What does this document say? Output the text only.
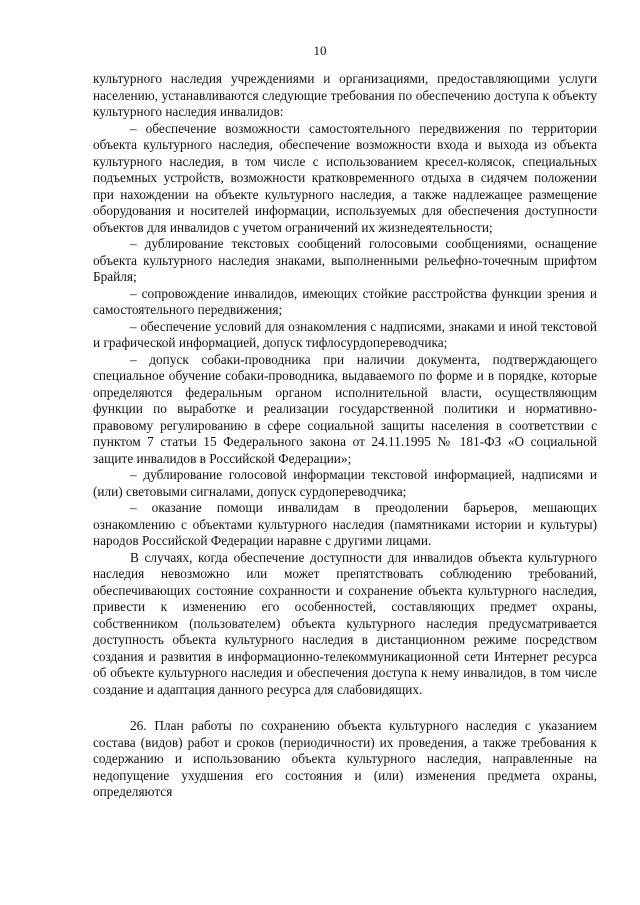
10

культурного наследия учреждениями и организациями, предоставляющими услуги населению, устанавливаются следующие требования по обеспечению доступа к объекту культурного наследия инвалидов:

– обеспечение возможности самостоятельного передвижения по территории объекта культурного наследия, обеспечение возможности входа и выхода из объекта культурного наследия, в том числе с использованием кресел-колясок, специальных подъемных устройств, возможности кратковременного отдыха в сидячем положении при нахождении на объекте культурного наследия, а также надлежащее размещение оборудования и носителей информации, используемых для обеспечения доступности объектов для инвалидов с учетом ограничений их жизнедеятельности;

– дублирование текстовых сообщений голосовыми сообщениями, оснащение объекта культурного наследия знаками, выполненными рельефно-точечным шрифтом Брайля;

– сопровождение инвалидов, имеющих стойкие расстройства функции зрения и самостоятельного передвижения;

– обеспечение условий для ознакомления с надписями, знаками и иной текстовой и графической информацией, допуск тифлосурдопереводчика;

– допуск собаки-проводника при наличии документа, подтверждающего специальное обучение собаки-проводника, выдаваемого по форме и в порядке, которые определяются федеральным органом исполнительной власти, осуществляющим функции по выработке и реализации государственной политики и нормативно-правовому регулированию в сфере социальной защиты населения в соответствии с пунктом 7 статьи 15 Федерального закона от 24.11.1995 № 181-ФЗ «О социальной защите инвалидов в Российской Федерации»;

– дублирование голосовой информации текстовой информацией, надписями и (или) световыми сигналами, допуск сурдопереводчика;

– оказание помощи инвалидам в преодолении барьеров, мешающих ознакомлению с объектами культурного наследия (памятниками истории и культуры) народов Российской Федерации наравне с другими лицами.

В случаях, когда обеспечение доступности для инвалидов объекта культурного наследия невозможно или может препятствовать соблюдению требований, обеспечивающих состояние сохранности и сохранение объекта культурного наследия, привести к изменению его особенностей, составляющих предмет охраны, собственником (пользователем) объекта культурного наследия предусматривается доступность объекта культурного наследия в дистанционном режиме посредством создания и развития в информационно-телекоммуникационной сети Интернет ресурса об объекте культурного наследия и обеспечения доступа к нему инвалидов, в том числе создание и адаптация данного ресурса для слабовидящих.

26. План работы по сохранению объекта культурного наследия с указанием состава (видов) работ и сроков (периодичности) их проведения, а также требования к содержанию и использованию объекта культурного наследия, направленные на недопущение ухудшения его состояния и (или) изменения предмета охраны, определяются
